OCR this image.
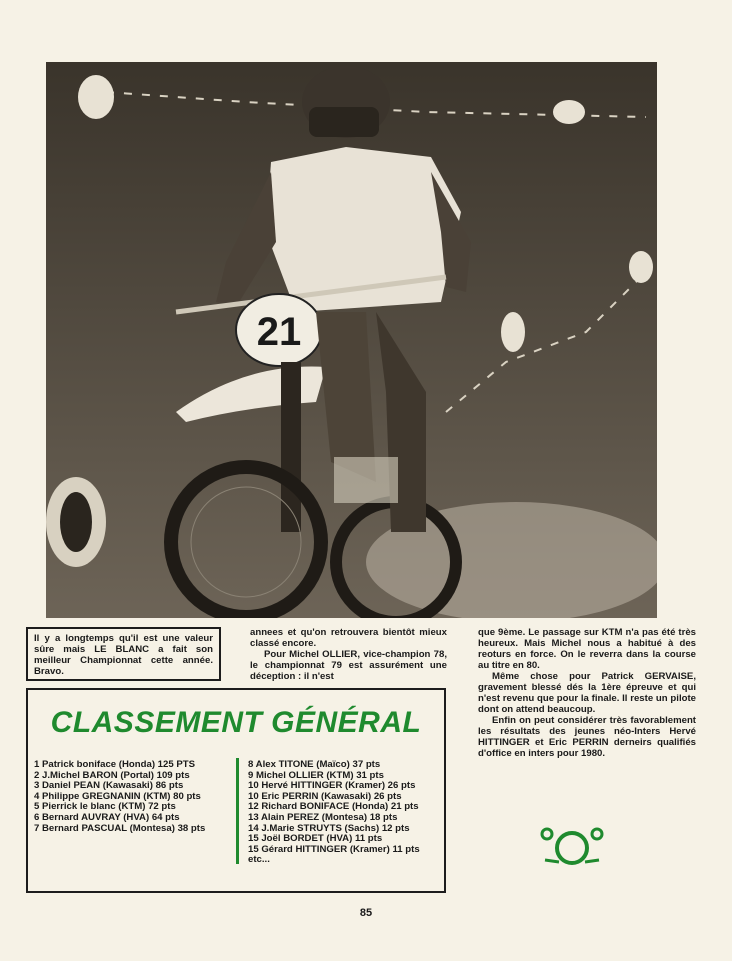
21
Il y a longtemps qu'il est une valeur sûre mais LE BLANC a fait son meilleur Championnat cette année. Bravo.

annees et qu'on retrouvera bientôt mieux classé encore.

Pour Michel OLLIER, vice-champion 78, le championnat 79 est assurément une déception : il n'est

que 9ème. Le passage sur KTM n'a pas été très heureux. Mais Michel nous a habitué à des reoturs en force. On le reverra dans la course au titre en 80.

Même chose pour Patrick GERVAISE, gravement blessé dés la 1ère épreuve et qui n'est revenu que pour la finale. Il reste un pilote dont on attend beaucoup.

Enfin on peut considérer très favorablement les résultats des jeunes néo-Inters Hervé HITTINGER et Eric PERRIN derneirs qualifiés d'office en inters pour 1980.

CLASSEMENT GÉNÉRAL
1 Patrick boniface (Honda) 125 PTS
2 J.Michel BARON (Portal) 109 pts
3 Daniel PEAN (Kawasaki) 86 pts
4 Philippe GREGNANIN (KTM) 80 pts
5 Pierrick le blanc (KTM) 72 pts
6 Bernard AUVRAY (HVA) 64 pts
7 Bernard PASCUAL (Montesa) 38 pts
8 Alex TITONE (Maïco) 37 pts
9 Michel OLLIER (KTM) 31 pts
10 Hervé HITTINGER (Kramer) 26 pts
10 Eric PERRIN (Kawasaki) 26 pts
12 Richard BONIFACE (Honda) 21 pts
13 Alain PEREZ (Montesa) 18 pts
14 J.Marie STRUYTS (Sachs) 12 pts
15 Joël BORDET (HVA) 11 pts
15 Gérard HITTINGER (Kramer) 11 pts
etc...
85
